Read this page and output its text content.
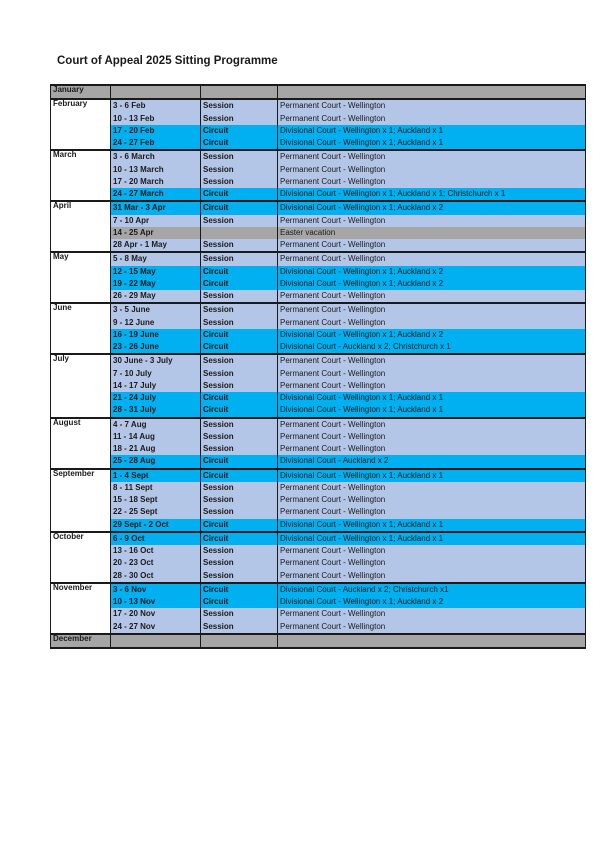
Court of Appeal 2025 Sitting Programme
January			
February	3 - 6 Feb	Session	Permanent Court - Wellington
	10 - 13 Feb	Session	Permanent Court - Wellington
	17 - 20 Feb	Circuit	Divisional Court - Wellington x 1; Auckland x 1
	24 - 27 Feb	Circuit	Divisional Court - Wellington x 1; Auckland x 1
March	3 - 6 March	Session	Permanent Court - Wellington
	10 - 13 March	Session	Permanent Court - Wellington
	17 - 20 March	Session	Permanent Court - Wellington
	24 - 27 March	Circuit	Divisional Court - Wellington x 1; Auckland x 1; Christchurch x 1
April	31 Mar - 3 Apr	Circuit	Divisional Court - Wellington x 1; Auckland x 2
	7 - 10 Apr	Session	Permanent Court - Wellington
	14 - 25 Apr		Easter vacation
	28 Apr - 1 May	Session	Permanent Court - Wellington
May	5 - 8 May	Session	Permanent Court - Wellington
	12 - 15 May	Circuit	Divisional Court - Wellington x 1; Auckland x 2
	19 - 22 May	Circuit	Divisional Court - Wellington x 1; Auckland x 2
	26 - 29 May	Session	Permanent Court - Wellington
June	3 - 5 June	Session	Permanent Court - Wellington
	9 - 12 June	Session	Permanent Court - Wellington
	16 - 19 June	Circuit	Divisional Court - Wellington x 1; Auckland x 2
	23 - 26 June	Circuit	Divisional Court - Auckland x 2; Christchurch x 1
July	30 June - 3 July	Session	Permanent Court - Wellington
	7 - 10 July	Session	Permanent Court - Wellington
	14 - 17 July	Session	Permanent Court - Wellington
	21 - 24 July	Circuit	Divisional Court - Wellington x 1; Auckland x 1
	28 - 31 July	Circuit	Divisional Court - Wellington x 1; Auckland x 1
August	4 - 7 Aug	Session	Permanent Court - Wellington
	11 - 14 Aug	Session	Permanent Court - Wellington
	18 - 21 Aug	Session	Permanent Court - Wellington
	25 - 28 Aug	Circuit	Divisional Court - Auckland x 2
September	1 - 4 Sept	Circuit	Divisional Court - Wellington x 1; Auckland x 1
	8 - 11 Sept	Session	Permanent Court - Wellington
	15 - 18 Sept	Session	Permanent Court - Wellington
	22 - 25 Sept	Session	Permanent Court - Wellington
	29 Sept - 2 Oct	Circuit	Divisional Court - Wellington x 1; Auckland x 1
October	6 - 9 Oct	Circuit	Divisional Court - Wellington x 1; Auckland x 1
	13 - 16 Oct	Session	Permanent Court - Wellington
	20 - 23 Oct	Session	Permanent Court - Wellington
	28 - 30 Oct	Session	Permanent Court - Wellington
November	3 - 6 Nov	Circuit	Divisional Court - Auckland x 2; Christchurch x1
	10 - 13 Nov	Circuit	Divisional Court - Wellington x 1; Auckland x 2
	17 - 20 Nov	Session	Permanent Court - Wellington
	24 - 27 Nov	Session	Permanent Court - Wellington
December			
